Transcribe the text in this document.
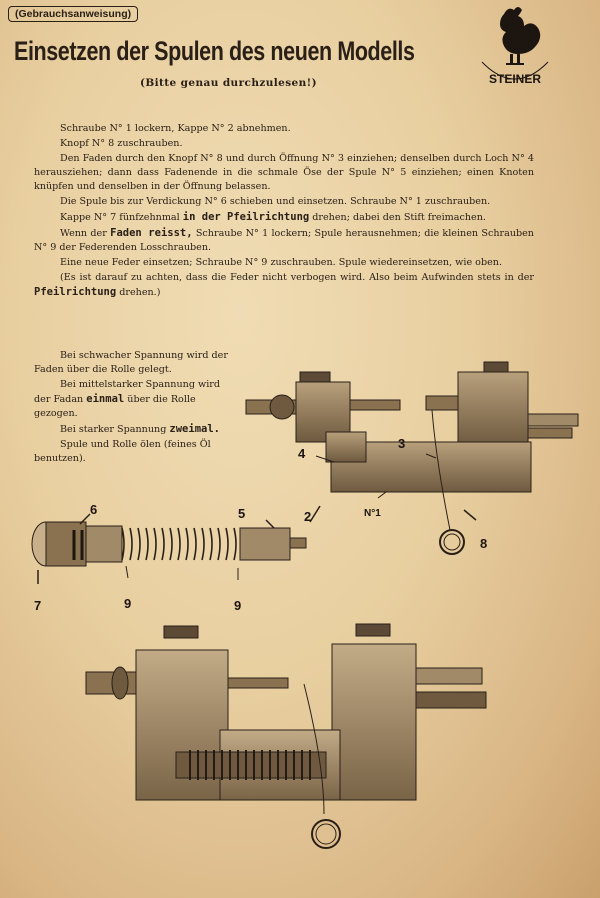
(Gebrauchsanweisung)
Einsetzen der Spulen des neuen Modells
(Bitte genau durchzulesen!)	STEINER

Schraube N° 1 lockern, Kappe N° 2 abnehmen.

Knopf N° 8 zuschrauben.

Den Faden durch den Knopf N° 8 und durch Öffnung N° 3 einziehen; denselben durch Loch N° 4 herausziehen; dann dass Fadenende in die schmale Öse der Spule N° 5 einziehen; einen Knoten knüpfen und denselben in der Öffnung belassen.

Die Spule bis zur Verdickung N° 6 schieben und einsetzen. Schraube N° 1 zuschrauben.

Kappe N° 7 fünfzehnmal in der Pfeilrichtung drehen; dabei den Stift freimachen.

Wenn der Faden reisst, Schraube N° 1 lockern; Spule herausnehmen; die kleinen Schrauben N° 9 der Federenden Losschrauben.

Eine neue Feder einsetzen; Schraube N° 9 zuschrauben. Spule wiedereinsetzen, wie oben.

(Es ist darauf zu achten, dass die Feder nicht verbogen wird. Also beim Aufwinden stets in der Pfeilrichtung drehen.)

Bei schwacher Spannung wird der Faden über die Rolle gelegt.

Bei mittelstarker Spannung wird der Fadan einmal über die Rolle gezogen.

Bei starker Spannung zweimal.

Spule und Rolle ölen (feines Öl benutzen).

3
4
2	N°1
8
6	5
7	9	9
